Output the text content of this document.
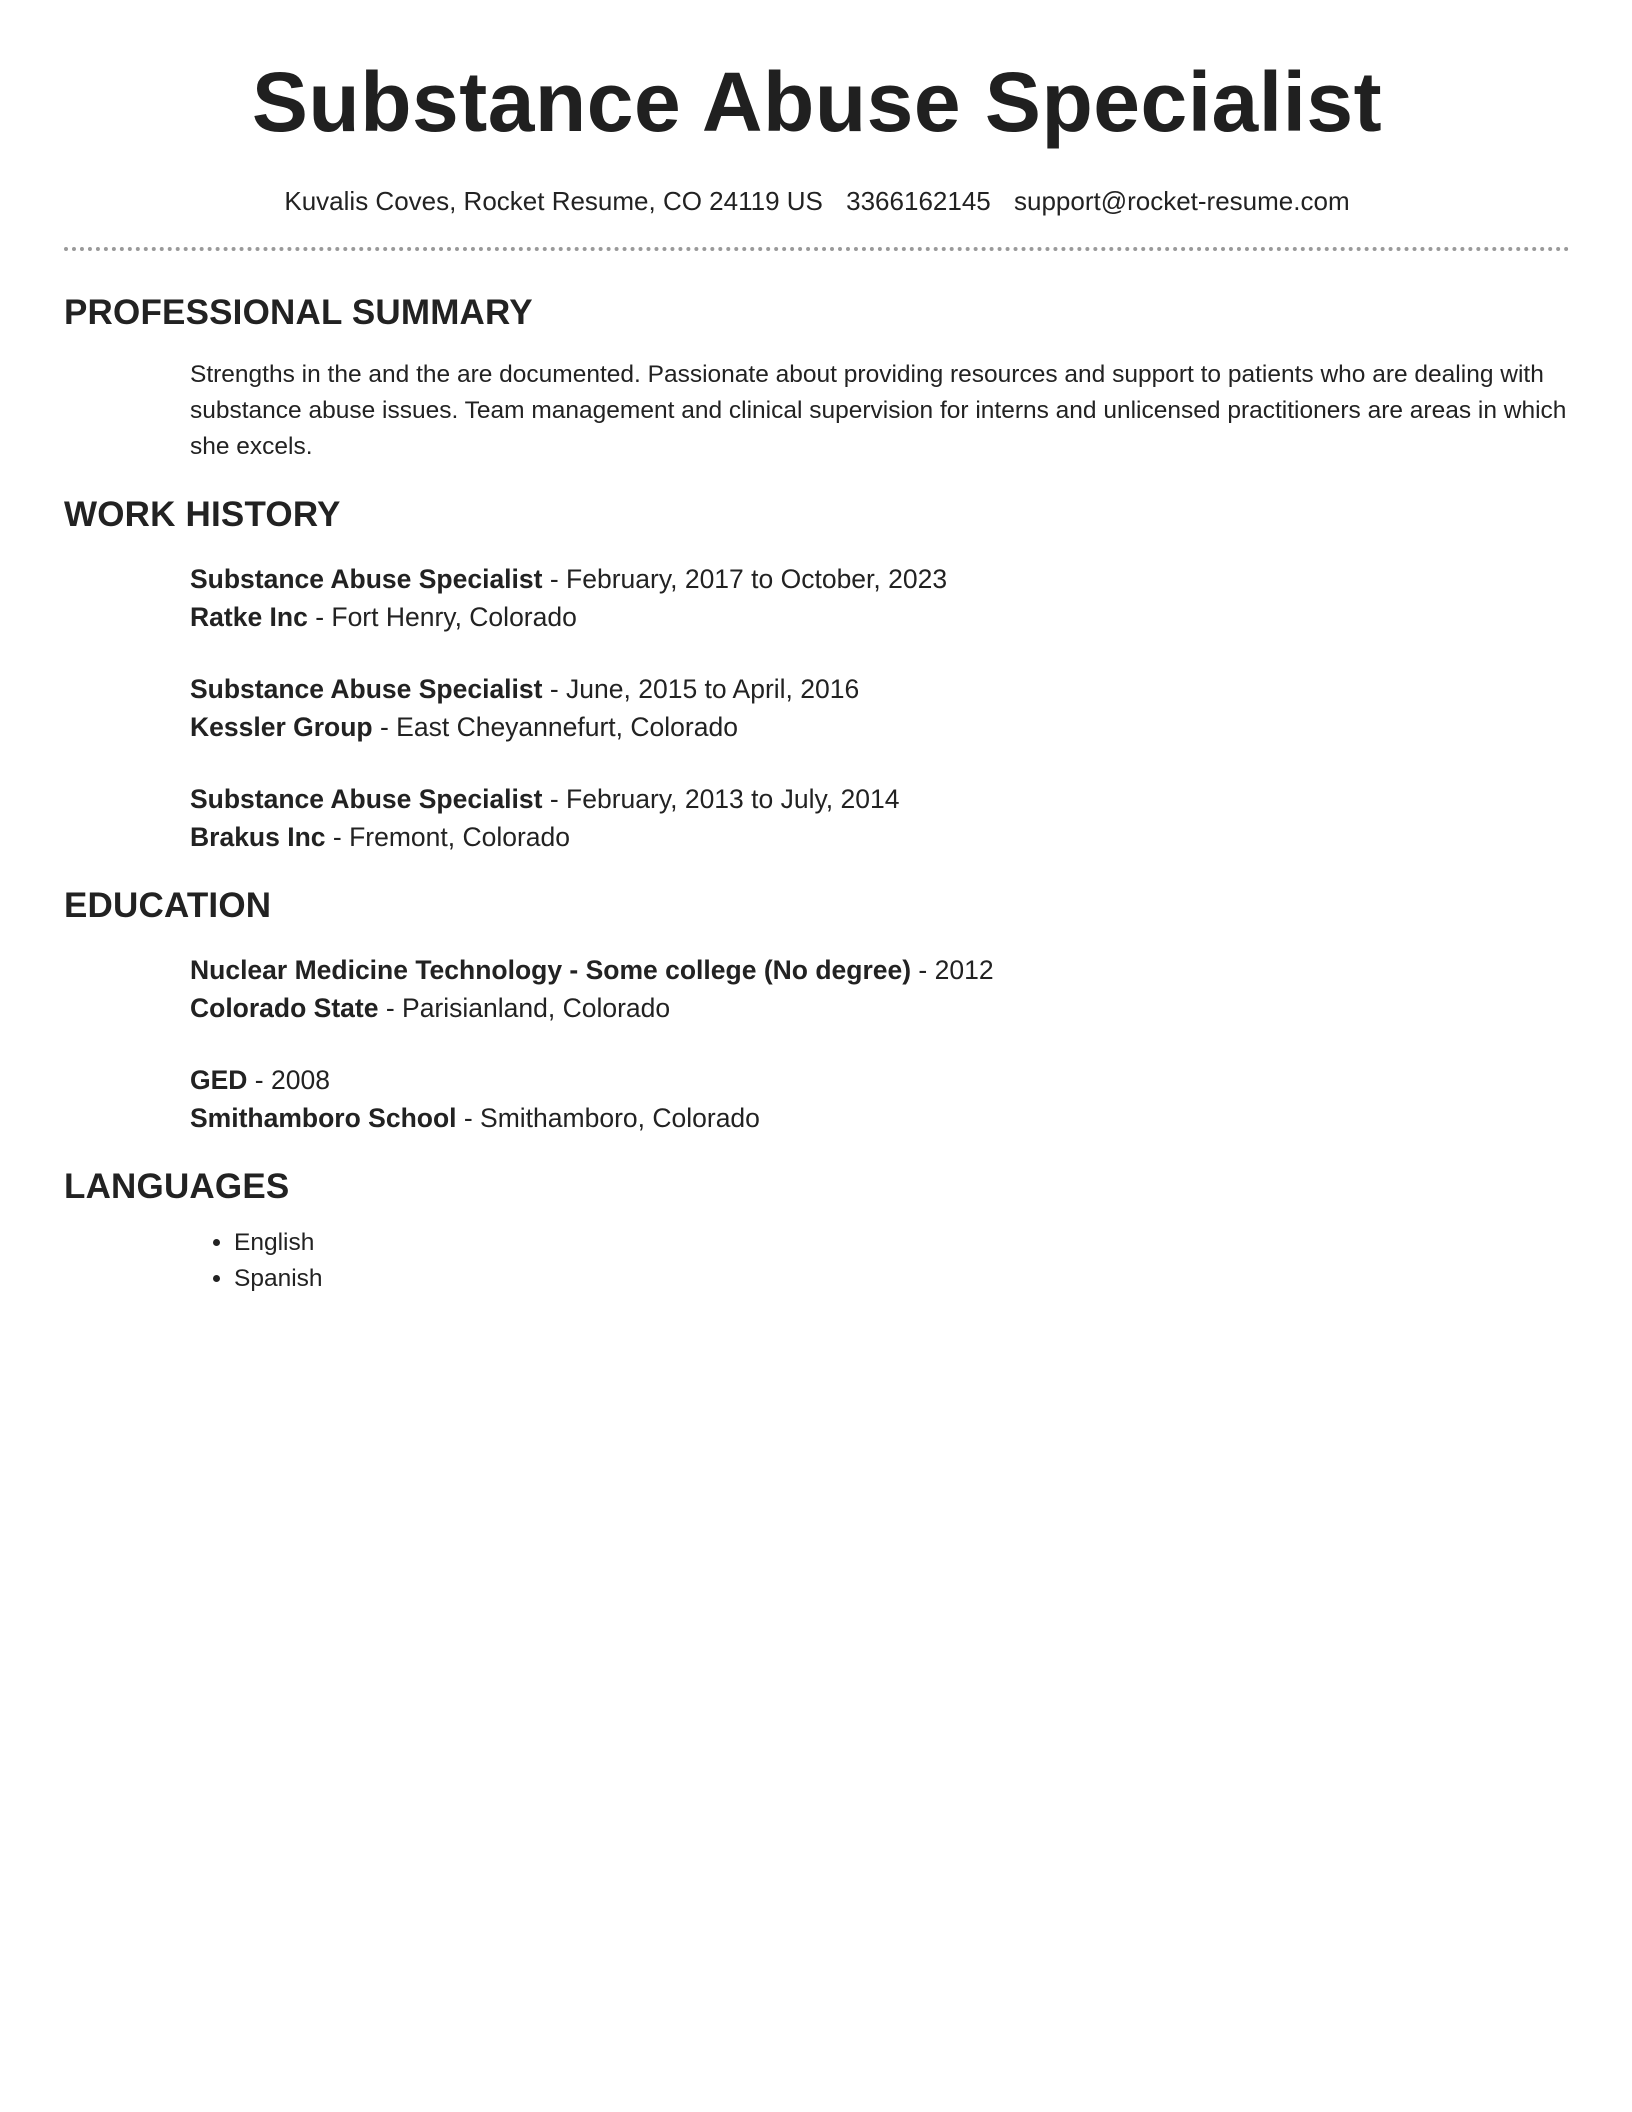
Substance Abuse Specialist
Kuvalis Coves, Rocket Resume, CO 24119 US 3366162145 support@rocket-resume.com
PROFESSIONAL SUMMARY
Strengths in the and the are documented. Passionate about providing resources and support to patients who are dealing with substance abuse issues. Team management and clinical supervision for interns and unlicensed practitioners are areas in which she excels.
WORK HISTORY
Substance Abuse Specialist - February, 2017 to October, 2023
Ratke Inc - Fort Henry, Colorado
Substance Abuse Specialist - June, 2015 to April, 2016
Kessler Group - East Cheyannefurt, Colorado
Substance Abuse Specialist - February, 2013 to July, 2014
Brakus Inc - Fremont, Colorado
EDUCATION
Nuclear Medicine Technology - Some college (No degree) - 2012
Colorado State - Parisianland, Colorado
GED - 2008
Smithamboro School - Smithamboro, Colorado
LANGUAGES
• English
• Spanish
